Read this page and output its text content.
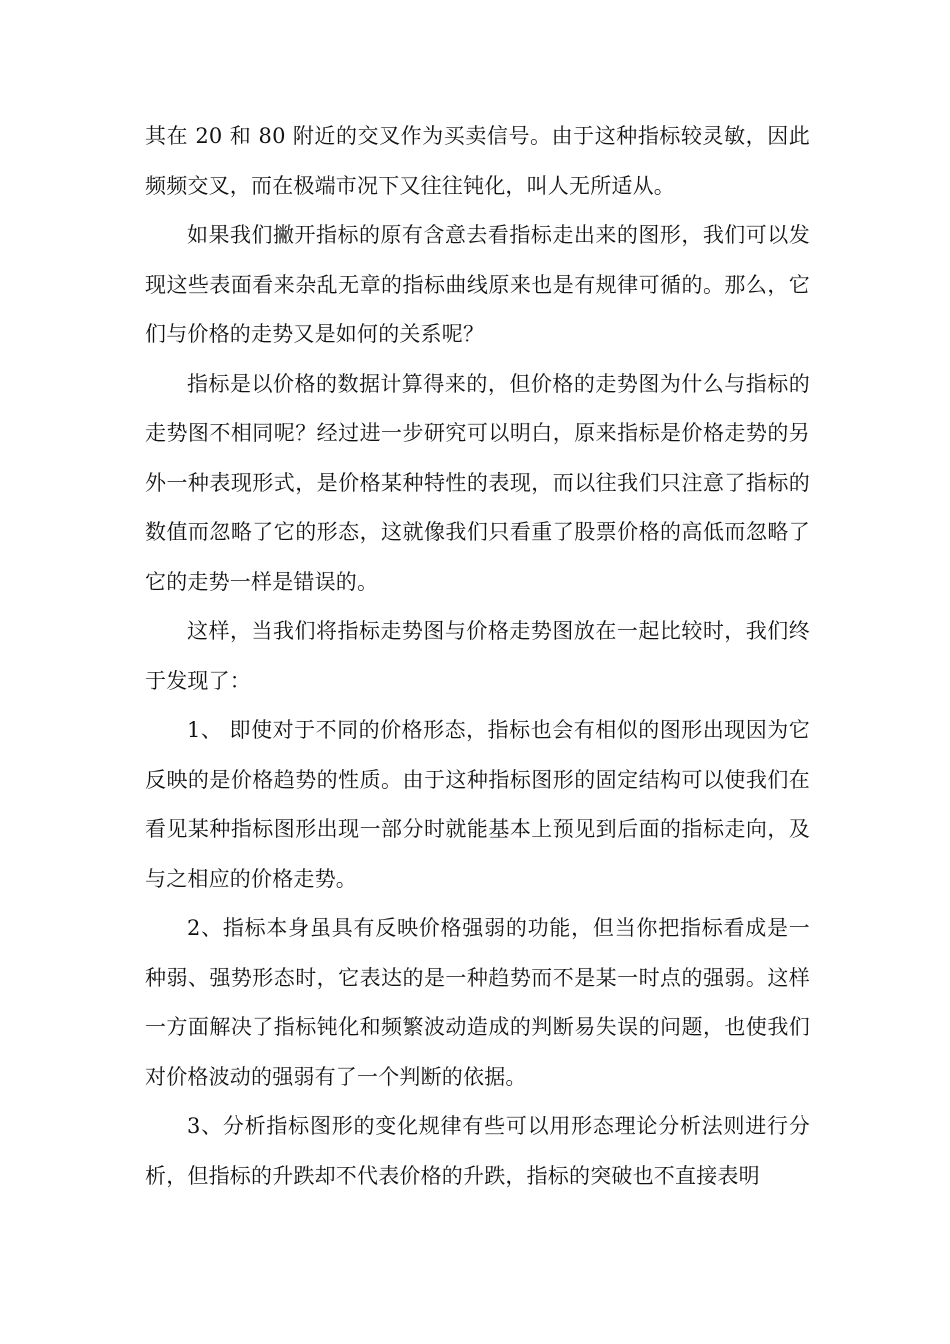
其在 20 和 80 附近的交叉作为买卖信号。由于这种指标较灵敏，因此频频交叉，而在极端市况下又往往钝化，叫人无所适从。

如果我们撇开指标的原有含意去看指标走出来的图形，我们可以发现这些表面看来杂乱无章的指标曲线原来也是有规律可循的。那么，它们与价格的走势又是如何的关系呢？

指标是以价格的数据计算得来的，但价格的走势图为什么与指标的走势图不相同呢？经过进一步研究可以明白，原来指标是价格走势的另外一种表现形式，是价格某种特性的表现，而以往我们只注意了指标的数值而忽略了它的形态，这就像我们只看重了股票价格的高低而忽略了它的走势一样是错误的。

这样，当我们将指标走势图与价格走势图放在一起比较时，我们终于发现了：

1、 即使对于不同的价格形态，指标也会有相似的图形出现因为它反映的是价格趋势的性质。由于这种指标图形的固定结构可以使我们在看见某种指标图形出现一部分时就能基本上预见到后面的指标走向，及与之相应的价格走势。

2、指标本身虽具有反映价格强弱的功能，但当你把指标看成是一种弱、强势形态时，它表达的是一种趋势而不是某一时点的强弱。这样一方面解决了指标钝化和频繁波动造成的判断易失误的问题，也使我们对价格波动的强弱有了一个判断的依据。

3、分析指标图形的变化规律有些可以用形态理论分析法则进行分析，但指标的升跌却不代表价格的升跌，指标的突破也不直接表明
